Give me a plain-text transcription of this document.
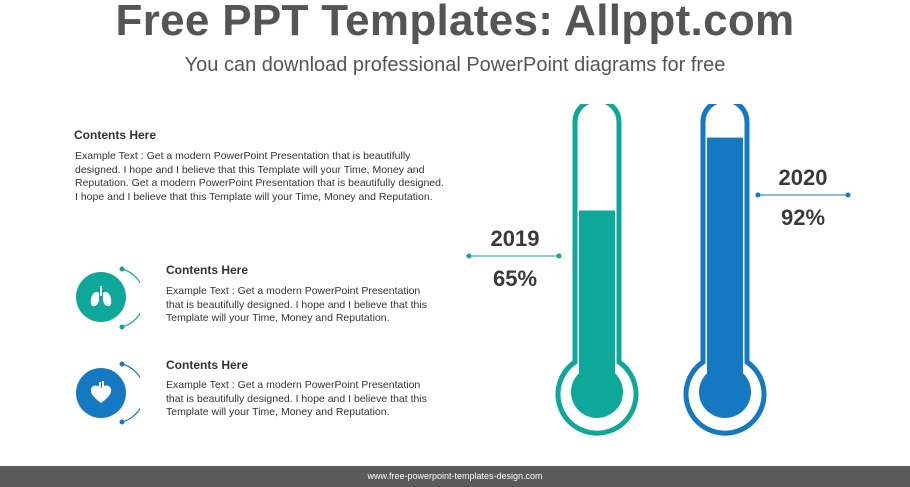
Free PPT Templates: Allppt.com
You can download professional PowerPoint diagrams for free
Contents Here
Example Text : Get a modern PowerPoint Presentation that is beautifully
designed. I hope and I believe that this Template will your Time, Money and
Reputation. Get a modern PowerPoint Presentation that is beautifully designed.
I hope and I believe that this Template will your Time, Money and Reputation.
Contents Here
Example Text : Get a modern PowerPoint Presentation
that is beautifully designed. I hope and I believe that this
Template will your Time, Money and Reputation.
Contents Here
Example Text : Get a modern PowerPoint Presentation
that is beautifully designed. I hope and I believe that this
Template will your Time, Money and Reputation.
2019
65%
2020
92%
www.free-powerpoint-templates-design.com
